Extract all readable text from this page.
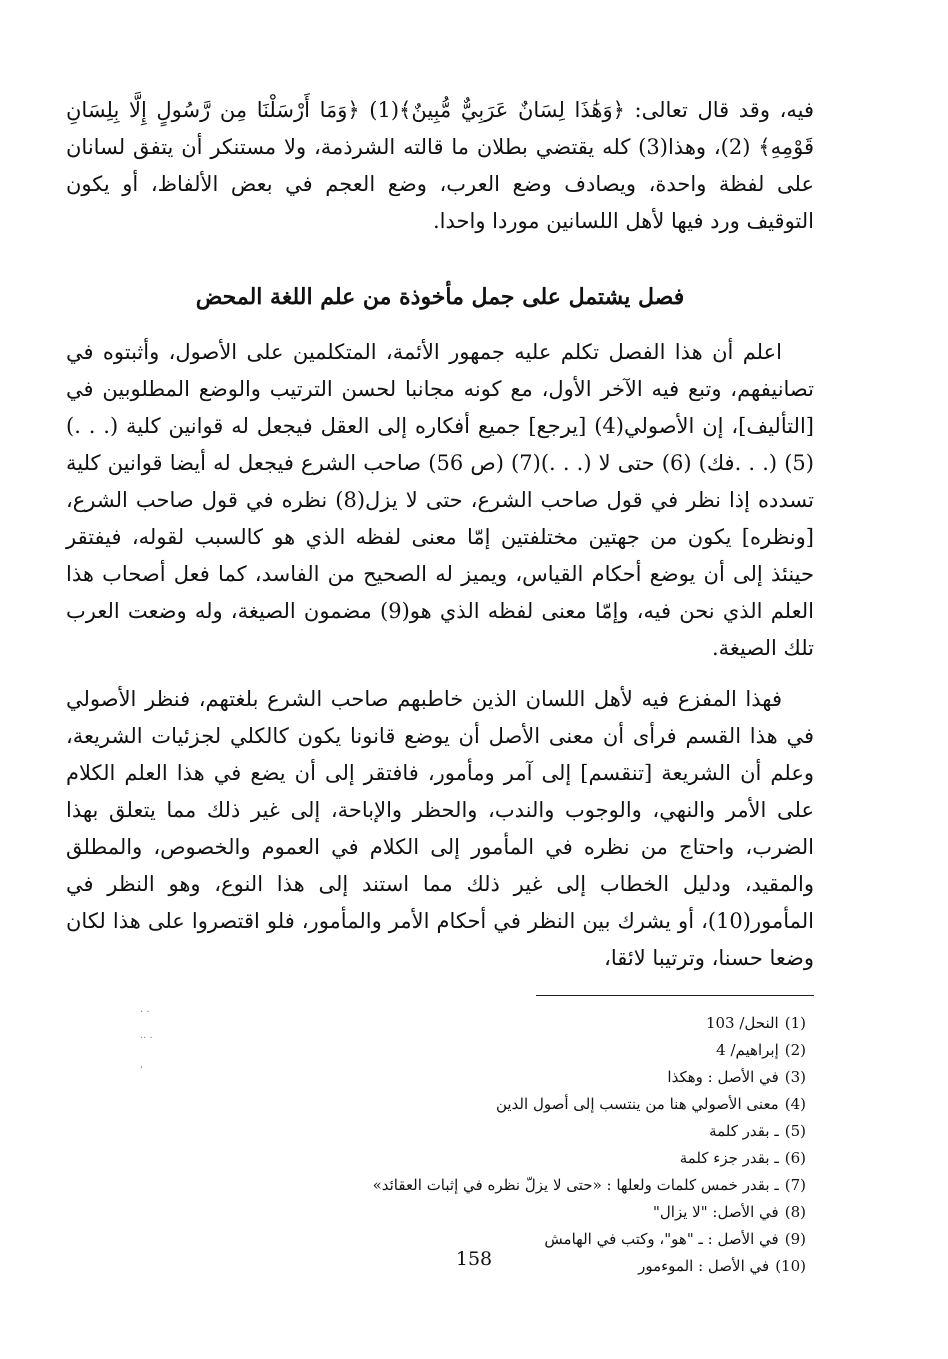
فيه، وقد قال تعالى: ﴿وَهَٰذَا لِسَانٌ عَرَبِيٌّ مُّبِينٌ﴾(1) ﴿وَمَا أَرْسَلْنَا مِن رَّسُولٍ إِلَّا بِلِسَانِ قَوْمِهِ﴾ (2)، وهذا(3) كله يقتضي بطلان ما قالته الشرذمة، ولا مستنكر أن يتفق لسانان على لفظة واحدة، ويصادف وضع العرب، وضع العجم في بعض الألفاظ، أو يكون التوقيف ورد فيها لأهل اللسانين موردا واحدا.

فصل يشتمل على جمل مأخوذة من علم اللغة المحض

اعلم أن هذا الفصل تكلم عليه جمهور الأئمة، المتكلمين على الأصول، وأثبتوه في تصانيفهم، وتبع فيه الآخر الأول، مع كونه مجانبا لحسن الترتيب والوضع المطلوبين في [التأليف]، إن الأصولي(4) [يرجع] جميع أفكاره إلى العقل فيجعل له قوانين كلية (. . .)(5) (. . .فك) (6) حتى لا (. . .)(7) (ص 56) صاحب الشرع فيجعل له أيضا قوانين كلية تسدده إذا نظر في قول صاحب الشرع، حتى لا يزل(8) نظره في قول صاحب الشرع، [ونظره] يكون من جهتين مختلفتين إمّا معنى لفظه الذي هو كالسبب لقوله، فيفتقر حينئذ إلى أن يوضع أحكام القياس، ويميز له الصحيح من الفاسد، كما فعل أصحاب هذا العلم الذي نحن فيه، وإمّا معنى لفظه الذي هو(9) مضمون الصيغة، وله وضعت العرب تلك الصيغة.

فهذا المفزع فيه لأهل اللسان الذين خاطبهم صاحب الشرع بلغتهم، فنظر الأصولي في هذا القسم فرأى أن معنى الأصل أن يوضع قانونا يكون كالكلي لجزئيات الشريعة، وعلم أن الشريعة [تنقسم] إلى آمر ومأمور، فافتقر إلى أن يضع في هذا العلم الكلام على الأمر والنهي، والوجوب والندب، والحظر والإباحة، إلى غير ذلك مما يتعلق بهذا الضرب، واحتاج من نظره في المأمور إلى الكلام في العموم والخصوص، والمطلق والمقيد، ودليل الخطاب إلى غير ذلك مما استند إلى هذا النوع، وهو النظر في المأمور(10)، أو يشرك بين النظر في أحكام الأمر والمأمور، فلو اقتصروا على هذا لكان وضعا حسنا، وترتيبا لائقا،

(1)النحل/ 103
(2)إبراهيم/ 4
(3)في الأصل : وهكذا
(4)معنى الأصولي هنا من ينتسب إلى أصول الدين
(5)ـ بقدر كلمة
(6)ـ بقدر جزء كلمة
(7)ـ بقدر خمس كلمات ولعلها : «حتى لا يزلّ نظره في إثبات العقائد»
(8)في الأصل: "لا يزال"
(9)في الأصل : ـ "هو"، وكتب في الهامش
(10)في الأصل : الموءمور
· ·
·· ·
,
158
